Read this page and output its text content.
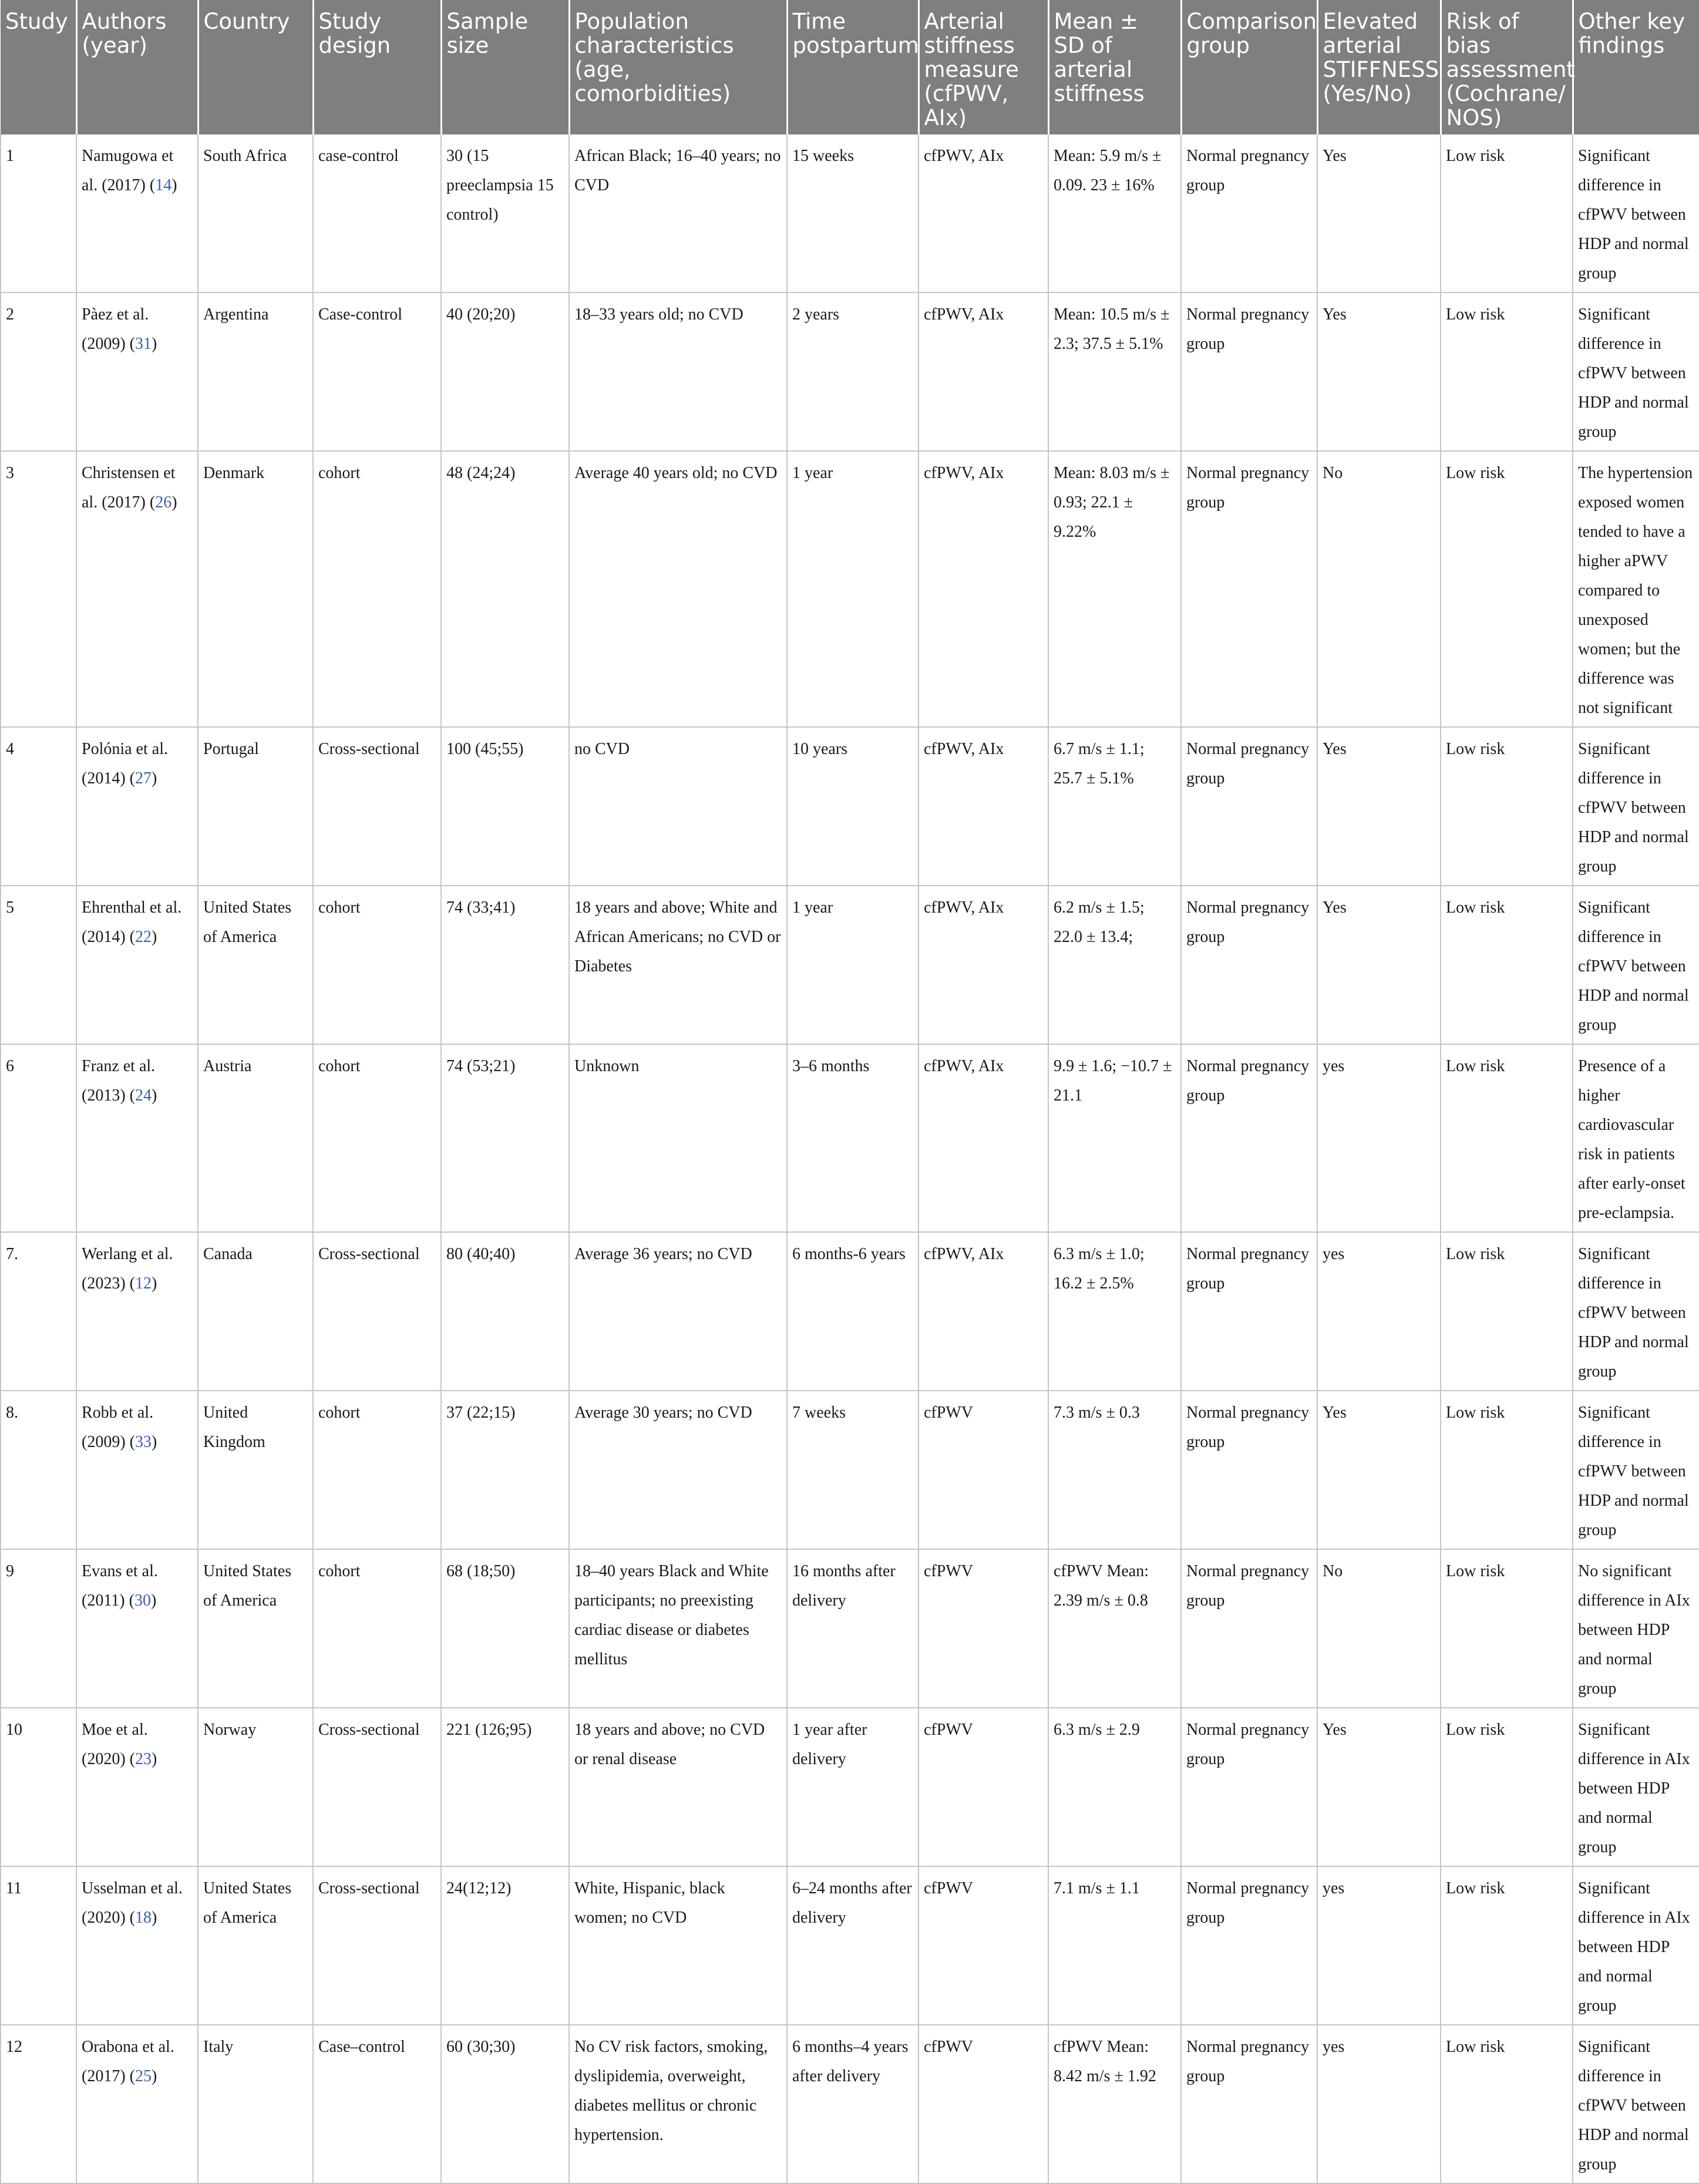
Study	Authors (year)	Country	Study design	Sample size	Population characteristics (age, comorbidities)	Time postpartum	Arterial stiffness measure (cfPWV, AIx)	Mean ± SD of arterial stiffness	Comparison group	Elevated arterial STIFFNESS (Yes/No)	Risk of bias assessment (Cochrane/ NOS)	Other key findings
1	Namugowa et al. (2017) (14)	South Africa	case-control	30 (15 preeclampsia 15 control)	African Black; 16–40 years; no CVD	15 weeks	cfPWV, AIx	Mean: 5.9 m/s ± 0.09. 23 ± 16%	Normal pregnancy group	Yes	Low risk	Significant difference in cfPWV between HDP and normal group
2	Pàez et al. (2009) (31)	Argentina	Case-control	40 (20;20)	18–33 years old; no CVD	2 years	cfPWV, AIx	Mean: 10.5 m/s ± 2.3; 37.5 ± 5.1%	Normal pregnancy group	Yes	Low risk	Significant difference in cfPWV between HDP and normal group
3	Christensen et al. (2017) (26)	Denmark	cohort	48 (24;24)	Average 40 years old; no CVD	1 year	cfPWV, AIx	Mean: 8.03 m/s ± 0.93; 22.1 ± 9.22%	Normal pregnancy group	No	Low risk	The hypertension exposed women tended to have a higher aPWV compared to unexposed women; but the difference was not significant
4	Polónia et al. (2014) (27)	Portugal	Cross-sectional	100 (45;55)	no CVD	10 years	cfPWV, AIx	6.7 m/s ± 1.1; 25.7 ± 5.1%	Normal pregnancy group	Yes	Low risk	Significant difference in cfPWV between HDP and normal group
5	Ehrenthal et al. (2014) (22)	United States of America	cohort	74 (33;41)	18 years and above; White and African Americans; no CVD or Diabetes	1 year	cfPWV, AIx	6.2 m/s ± 1.5; 22.0 ± 13.4;	Normal pregnancy group	Yes	Low risk	Significant difference in cfPWV between HDP and normal group
6	Franz et al. (2013) (24)	Austria	cohort	74 (53;21)	Unknown	3–6 months	cfPWV, AIx	9.9 ± 1.6; −10.7 ± 21.1	Normal pregnancy group	yes	Low risk	Presence of a higher cardiovascular risk in patients after early-onset pre-eclampsia.
7.	Werlang et al. (2023) (12)	Canada	Cross-sectional	80 (40;40)	Average 36 years; no CVD	6 months-6 years	cfPWV, AIx	6.3 m/s ± 1.0; 16.2 ± 2.5%	Normal pregnancy group	yes	Low risk	Significant difference in cfPWV between HDP and normal group
8.	Robb et al. (2009) (33)	United Kingdom	cohort	37 (22;15)	Average 30 years; no CVD	7 weeks	cfPWV	7.3 m/s ± 0.3	Normal pregnancy group	Yes	Low risk	Significant difference in cfPWV between HDP and normal group
9	Evans et al. (2011) (30)	United States of America	cohort	68 (18;50)	18–40 years Black and White participants; no preexisting cardiac disease or diabetes mellitus	16 months after delivery	cfPWV	cfPWV Mean: 2.39 m/s ± 0.8	Normal pregnancy group	No	Low risk	No significant difference in AIx between HDP and normal group
10	Moe et al. (2020) (23)	Norway	Cross-sectional	221 (126;95)	18 years and above; no CVD or renal disease	1 year after delivery	cfPWV	6.3 m/s ± 2.9	Normal pregnancy group	Yes	Low risk	Significant difference in AIx between HDP and normal group
11	Usselman et al. (2020) (18)	United States of America	Cross-sectional	24(12;12)	White, Hispanic, black women; no CVD	6–24 months after delivery	cfPWV	7.1 m/s ± 1.1	Normal pregnancy group	yes	Low risk	Significant difference in AIx between HDP and normal group
12	Orabona et al. (2017) (25)	Italy	Case–control	60 (30;30)	No CV risk factors, smoking, dyslipidemia, overweight, diabetes mellitus or chronic hypertension.	6 months–4 years after delivery	cfPWV	cfPWV Mean: 8.42 m/s ± 1.92	Normal pregnancy group	yes	Low risk	Significant difference in cfPWV between HDP and normal group
